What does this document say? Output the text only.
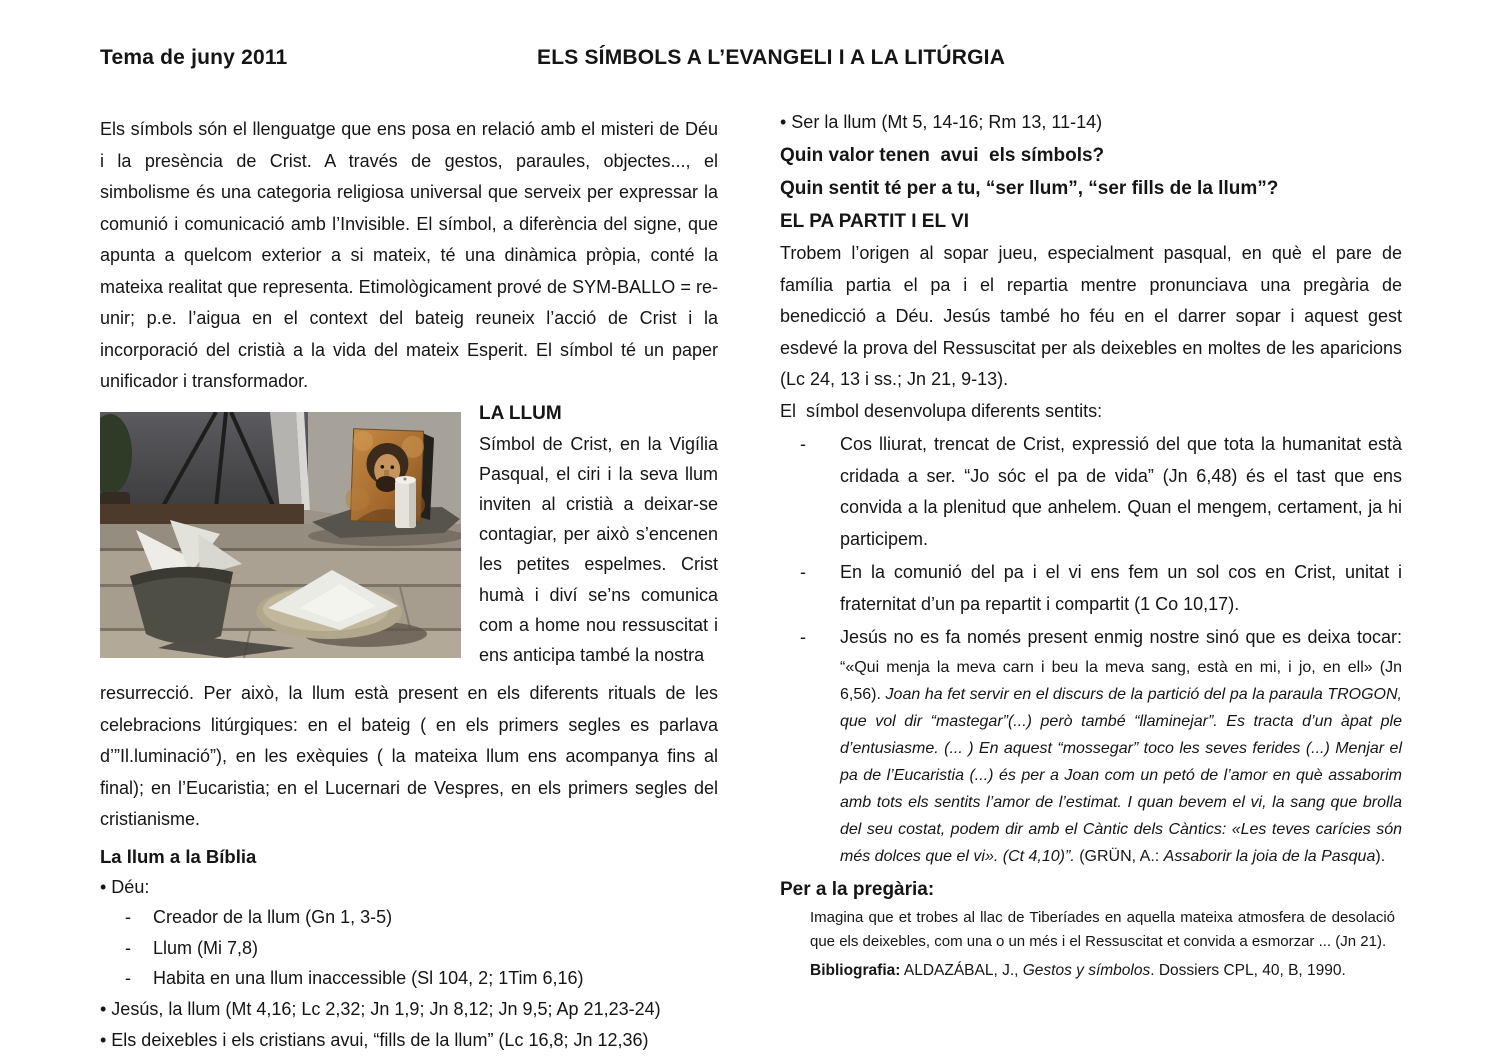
Tema de juny 2011	ELS SÍMBOLS A L’EVANGELI I A LA LITÚRGIA

Els símbols són el llenguatge que ens posa en relació amb el misteri de Déu i la presència de Crist. A través de gestos, paraules, objectes..., el simbolisme és una categoria religiosa universal que serveix per expressar la comunió i comunicació amb l’Invisible. El símbol, a diferència del signe, que apunta a quelcom exterior a si mateix, té una dinàmica pròpia, conté la mateixa realitat que representa. Etimològicament prové de SYM-BALLO = re-unir; p.e. l’aigua en el context del bateig reuneix l’acció de Crist i la incorporació del cristià a la vida del mateix Esperit. El símbol té un paper unificador i transformador.

LA LLUM

Símbol de Crist, en la Vigília Pasqual, el ciri i la seva llum inviten al cristià a deixar-se contagiar, per això s’encenen les petites espelmes. Crist humà i diví se’ns comunica com a home nou ressuscitat i ens anticipa també la nostra

resurrecció. Per això, la llum està present en els diferents rituals de les celebracions litúrgiques: en el bateig ( en els primers segles es parlava d’”Il.luminació”), en les exèquies ( la mateixa llum ens acompanya fins al final); en l’Eucaristia; en el Lucernari de Vespres, en els primers segles del cristianisme.

La llum a la Bíblia

• Déu:

- Creador de la llum (Gn 1, 3-5)
- Llum (Mi 7,8)
- Habita en una llum inaccessible (Sl 104, 2; 1Tim 6,16)

• Jesús, la llum (Mt 4,16; Lc 2,32; Jn 1,9; Jn 8,12; Jn 9,5; Ap 21,23-24)

• Els deixebles i els cristians avui, “fills de la llum” (Lc 16,8; Jn 12,36)

• Ser la llum (Mt 5, 14-16; Rm 13, 11-14)

Quin valor tenen  avui  els símbols?

Quin sentit té per a tu, “ser llum”, “ser fills de la llum”?

EL PA PARTIT I EL VI

Trobem l’origen al sopar jueu, especialment pasqual, en què el pare de família partia el pa i el repartia mentre pronunciava una pregària de benedicció a Déu. Jesús també ho féu en el darrer sopar i aquest gest esdevé la prova del Ressuscitat per als deixebles en moltes de les aparicions (Lc 24, 13 i ss.; Jn 21, 9-13).

El  símbol desenvolupa diferents sentits:

- Cos lliurat, trencat de Crist, expressió del que tota la humanitat està cridada a ser. “Jo sóc el pa de vida” (Jn 6,48) és el tast que ens convida a la plenitud que anhelem. Quan el mengem, certament, ja hi participem.
- En la comunió del pa i el vi ens fem un sol cos en Crist, unitat i fraternitat d’un pa repartit i compartit (1 Co 10,17).
- Jesús no es fa només present enmig nostre sinó que es deixa tocar:
“«Qui menja la meva carn i beu la meva sang, està en mi, i jo, en ell» (Jn 6,56). Joan ha fet servir en el discurs de la partició del pa la paraula TROGON, que vol dir “mastegar”(...) però també “llaminejar”. Es tracta d’un àpat ple d’entusiasme. (... ) En aquest “mossegar” toco les seves ferides (...) Menjar el pa de l’Eucaristia (...) és per a Joan com un petó de l’amor en què assaborim amb tots els sentits l’amor de l’estimat. I quan bevem el vi, la sang que brolla del seu costat, podem dir amb el Càntic dels Càntics: «Les teves carícies són més dolces que el vi». (Ct 4,10)”. (GRÜN, A.: Assaborir la joia de la Pasqua).

Per a la pregària:

Imagina que et trobes al llac de Tiberíades en aquella mateixa atmosfera de desolació que els deixebles, com una o un més i el Ressuscitat et convida a esmorzar ... (Jn 21).

Bibliografia: ALDAZÁBAL, J., Gestos y símbolos. Dossiers CPL, 40, B, 1990.
